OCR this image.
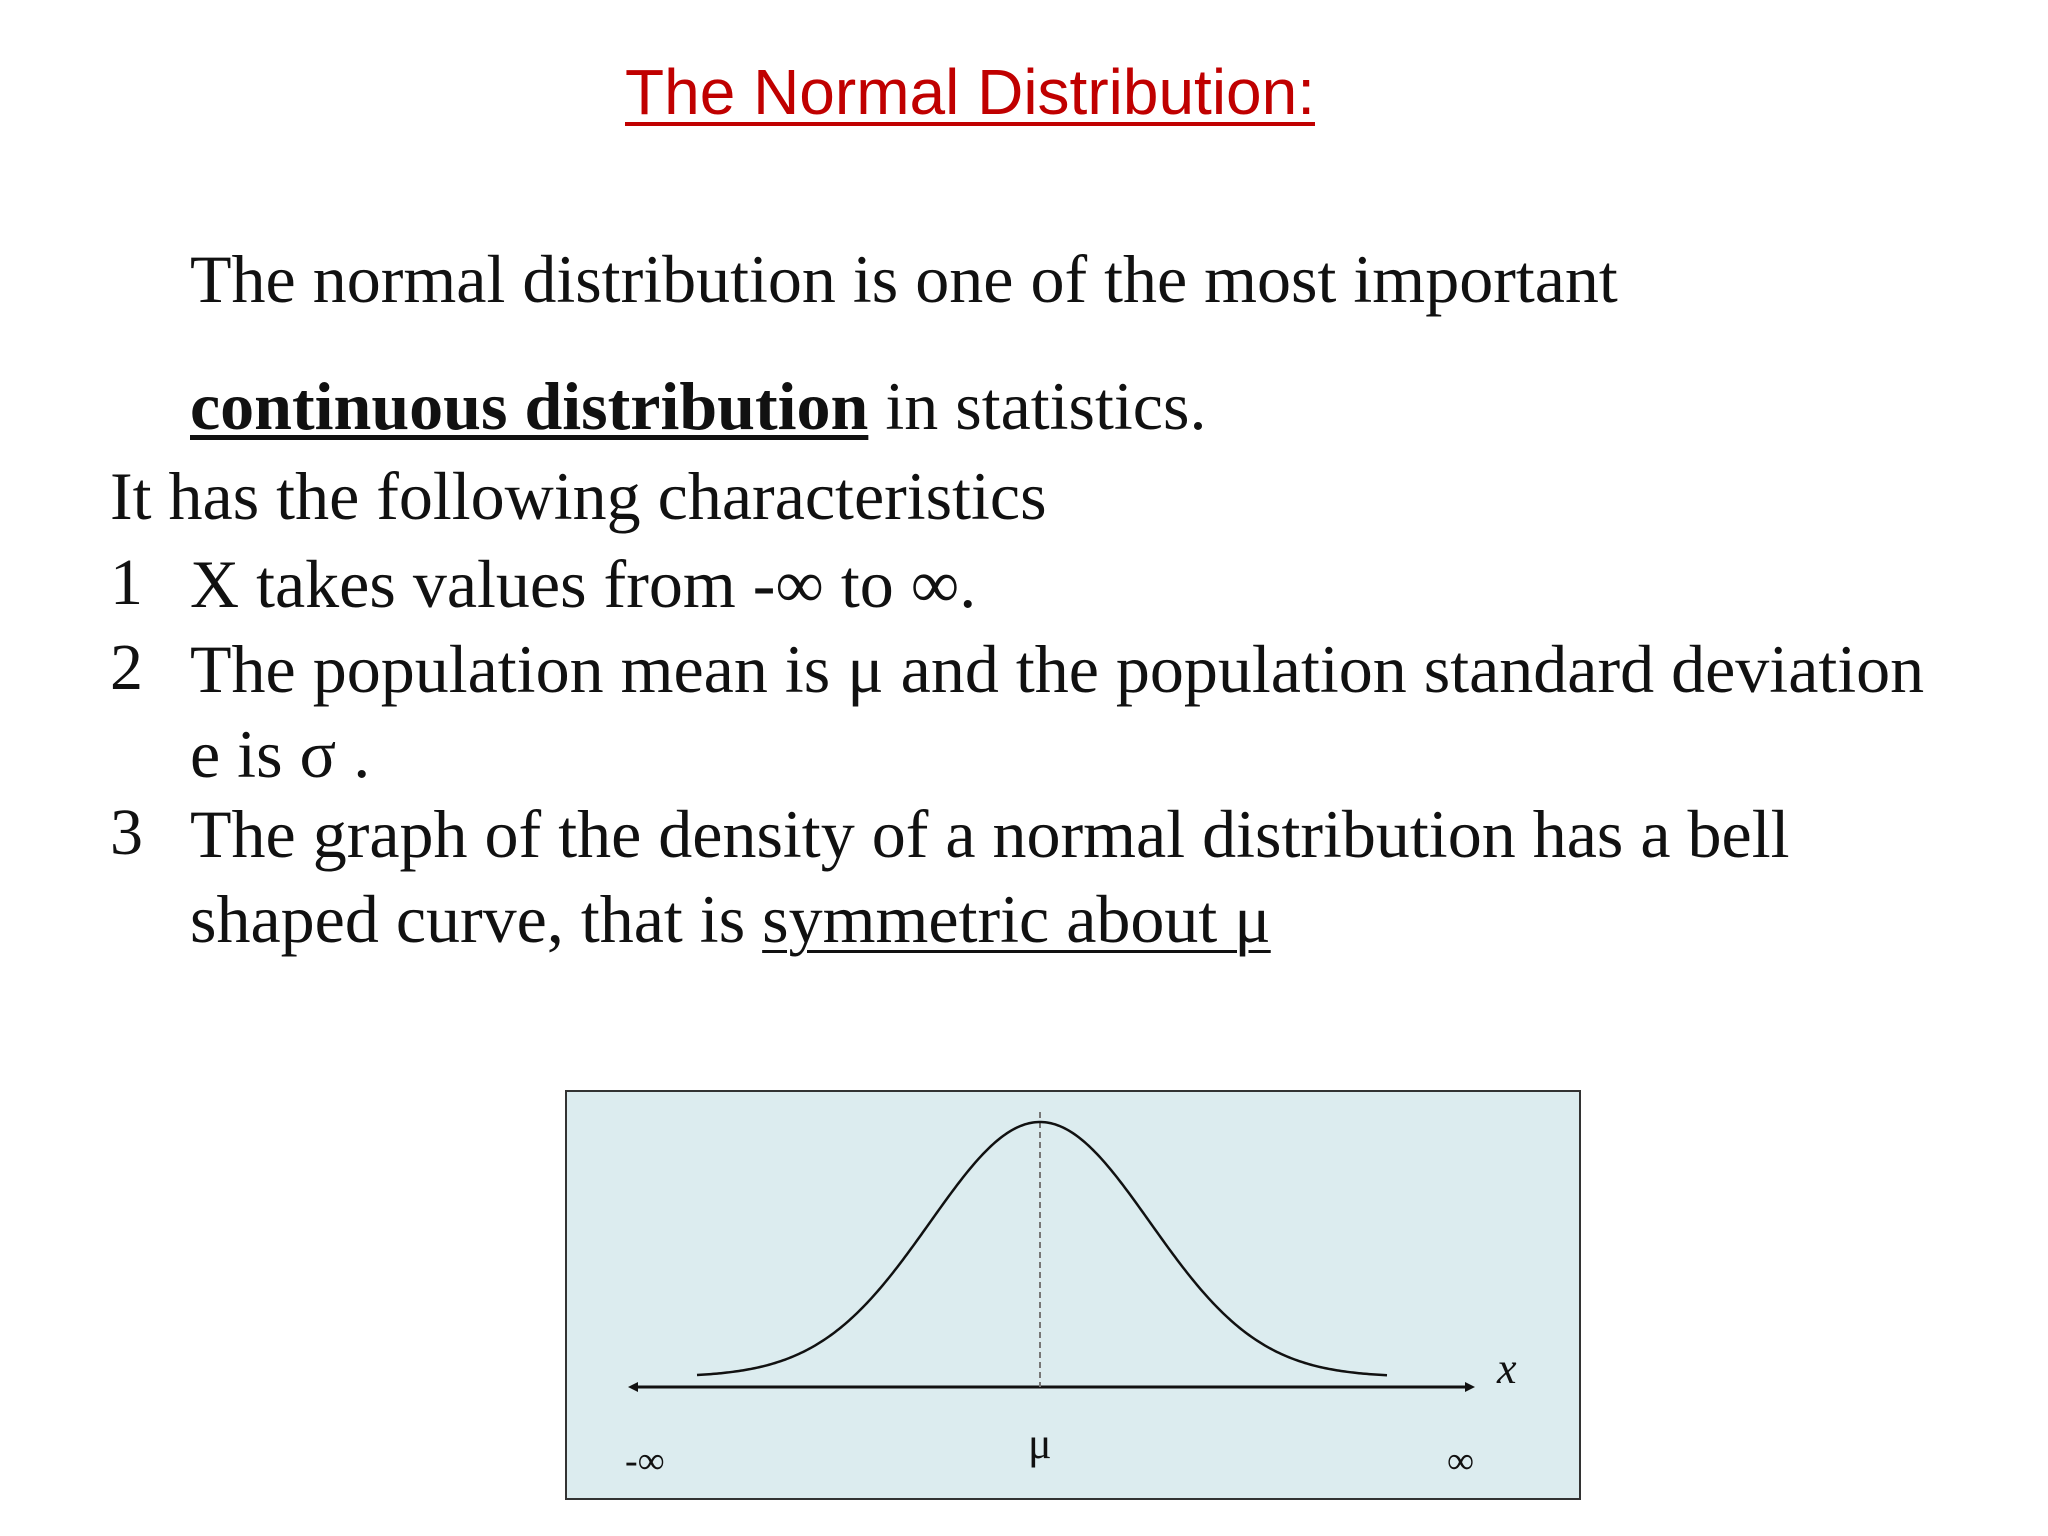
The Normal Distribution:
The normal distribution is one of the most important
continuous distribution in statistics.
It has the following characteristics
1 X takes values from -∞ to ∞.
2 The population mean is μ and the population standard deviation
e is σ .
3 The graph of the density of a normal distribution has a bell
shaped curve, that is symmetric about μ
x
μ
-∞	∞
